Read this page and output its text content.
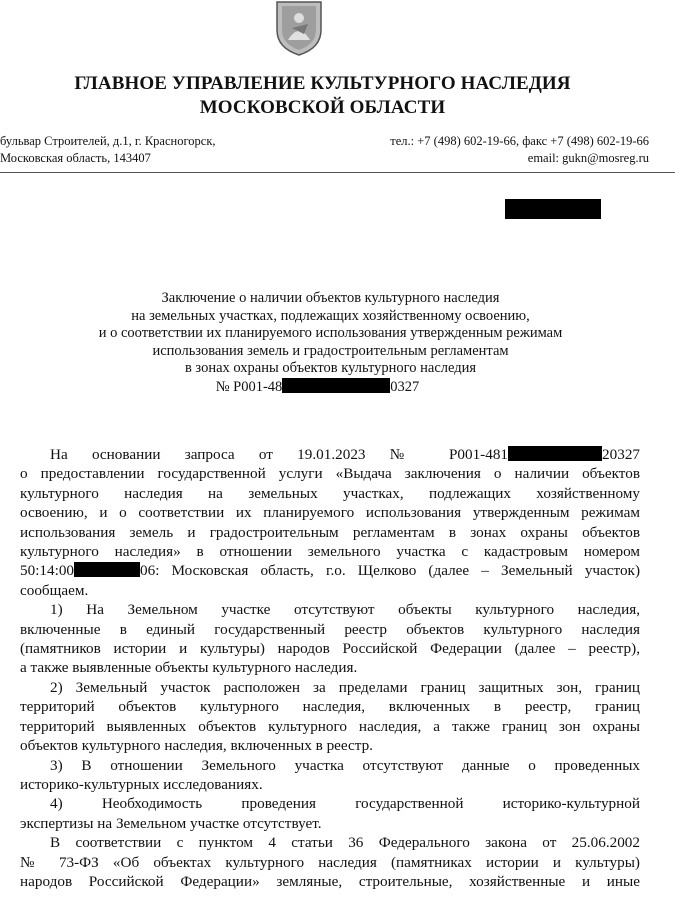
ГЛАВНОЕ УПРАВЛЕНИЕ КУЛЬТУРНОГО НАСЛЕДИЯ
МОСКОВСКОЙ ОБЛАСТИ
бульвар Строителей, д.1, г. Красногорск,
Московская область, 143407
тел.: +7 (498) 602-19-66, факс +7 (498) 602-19-66
email: gukn@mosreg.ru
Заключение о наличии объектов культурного наследия
на земельных участках, подлежащих хозяйственному освоению,
и о соответствии их планируемого использования утвержденным режимам
использования земель и градостроительным регламентам
в зонах охраны объектов культурного наследия
№ Р001-48	0327
На основании запроса от 19.01.2023 № Р001-481	20327
о предоставлении государственной услуги «Выдача заключения о наличии объектов
культурного наследия на земельных участках, подлежащих хозяйственному
освоению, и о соответствии их планируемого использования утвержденным режимам
использования земель и градостроительным регламентам в зонах охраны объектов
культурного наследия» в отношении земельного участка с кадастровым номером
50:14:00	06: Московская область, г.о. Щелково (далее – Земельный участок)
сообщаем.
1) На Земельном участке отсутствуют объекты культурного наследия,
включенные в единый государственный реестр объектов культурного наследия
(памятников истории и культуры) народов Российской Федерации (далее – реестр),
а также выявленные объекты культурного наследия.
2) Земельный участок расположен за пределами границ защитных зон, границ
территорий объектов культурного наследия, включенных в реестр, границ
территорий выявленных объектов культурного наследия, а также границ зон охраны
объектов культурного наследия, включенных в реестр.
3) В отношении Земельного участка отсутствуют данные о проведенных
историко-культурных исследованиях.
4) Необходимость проведения государственной историко-культурной
экспертизы на Земельном участке отсутствует.
В соответствии с пунктом 4 статьи 36 Федерального закона от 25.06.2002
№ 73-ФЗ «Об объектах культурного наследия (памятниках истории и культуры)
народов Российской Федерации» земляные, строительные, хозяйственные и иные
